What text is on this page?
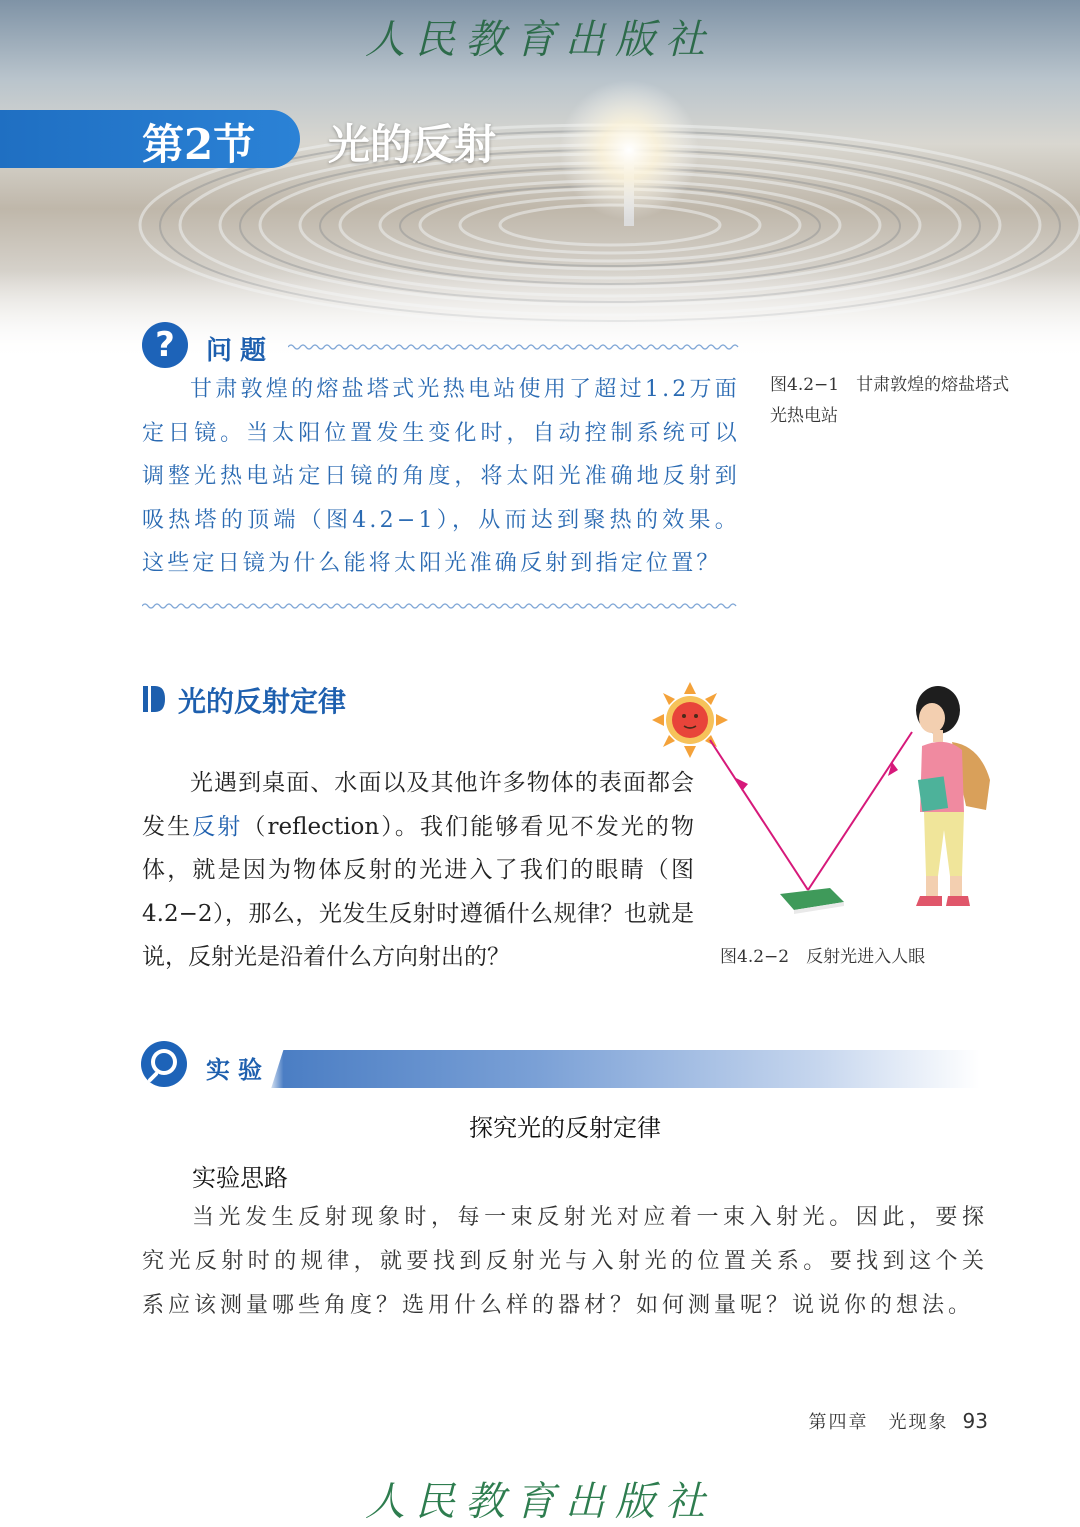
人民教育出版社
第2节 光的反射
?	问题
甘肃敦煌的熔盐塔式光热电站使用了超过1.2万面定日镜。当太阳位置发生变化时，自动控制系统可以调整光热电站定日镜的角度，将太阳光准确地反射到吸热塔的顶端（图4.2−1），从而达到聚热的效果。这些定日镜为什么能将太阳光准确反射到指定位置？
图4.2−1　甘肃敦煌的熔盐塔式光热电站
光的反射定律
光遇到桌面、水面以及其他许多物体的表面都会发生反射（reflection）。我们能够看见不发光的物体，就是因为物体反射的光进入了我们的眼睛（图4.2−2），那么，光发生反射时遵循什么规律？也就是说，反射光是沿着什么方向射出的？	图4.2−2　反射光进入人眼
实验
探究光的反射定律
实验思路
当光发生反射现象时，每一束反射光对应着一束入射光。因此，要探究光反射时的规律，就要找到反射光与入射光的位置关系。要找到这个关系应该测量哪些角度？选用什么样的器材？如何测量呢？说说你的想法。
第四章　光现象 93
人民教育出版社
